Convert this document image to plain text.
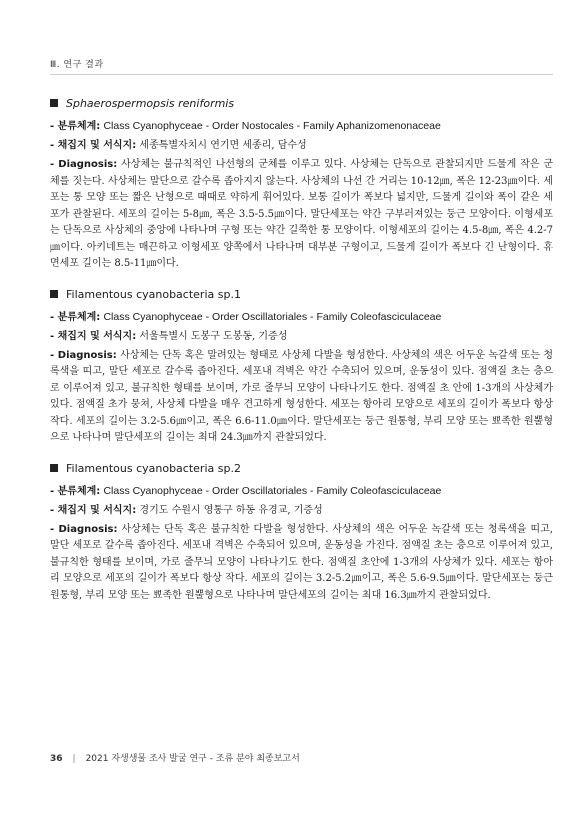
Ⅲ. 연구 결과
Sphaerospermopsis reniformis

- 분류체계: Class Cyanophyceae - Order Nostocales - Family Aphanizomenonaceae

- 채집지 및 서식지: 세종특별자치시 연기면 세종리, 담수성

- Diagnosis: 사상체는 불규칙적인 나선형의 군체를 이루고 있다. 사상체는 단독으로 관찰되지만 드물게 작은 군체를 짓는다. 사상체는 말단으로 갈수록 좁아지지 않는다. 사상체의 나선 간 거리는 10-12㎛, 폭은 12-23㎛이다. 세포는 통 모양 또는 짧은 난형으로 때때로 약하게 휘어있다. 보통 길이가 폭보다 넓지만, 드물게 길이와 폭이 같은 세포가 관찰된다. 세포의 길이는 5-8㎛, 폭은 3.5-5.5㎛이다. 말단세포는 약간 구부러져있는 둥근 모양이다. 이형세포는 단독으로 사상체의 중앙에 나타나며 구형 또는 약간 길쭉한 통 모양이다. 이형세포의 길이는 4.5-8㎛, 폭은 4.2-7㎛이다. 아키네트는 매끈하고 이형세포 양쪽에서 나타나며 대부분 구형이고, 드물게 길이가 폭보다 긴 난형이다. 휴면세포 길이는 8.5-11㎛이다.

Filamentous cyanobacteria sp.1

- 분류체계: Class Cyanophyceae - Order Oscillatoriales - Family Coleofasciculaceae

- 채집지 및 서식지: 서울특별시 도봉구 도봉동, 기증성

- Diagnosis: 사상체는 단독 혹은 말려있는 형태로 사상체 다발을 형성한다. 사상체의 색은 어두운 녹갈색 또는 청록색을 띠고, 말단 세포로 갈수록 좁아진다. 세포내 격벽은 약간 수축되어 있으며, 운동성이 있다. 점액질 초는 층으로 이루어져 있고, 불규칙한 형태를 보이며, 가로 줄무늬 모양이 나타나기도 한다. 점액질 초 안에 1-3개의 사상체가 있다. 점액질 초가 뭉쳐, 사상체 다발을 매우 견고하게 형성한다. 세포는 항아리 모양으로 세포의 길이가 폭보다 항상 작다. 세포의 길이는 3.2-5.6㎛이고, 폭은 6.6-11.0㎛이다. 말단세포는 둥근 원통형, 부리 모양 또는 뾰족한 원뿔형으로 나타나며 말단세포의 길이는 최대 24.3㎛까지 관찰되었다.

Filamentous cyanobacteria sp.2

- 분류체계: Class Cyanophyceae - Order Oscillatoriales - Family Coleofasciculaceae

- 채집지 및 서식지: 경기도 수원시 영통구 하동 유경교, 기증성

- Diagnosis: 사상체는 단독 혹은 불규칙한 다발을 형성한다. 사상체의 색은 어두운 녹갈색 또는 청록색을 띠고, 말단 세포로 갈수록 좁아진다. 세포내 격벽은 수축되어 있으며, 운동성을 가진다. 점액질 초는 층으로 이루어져 있고, 불규칙한 형태를 보이며, 가로 줄무늬 모양이 나타나기도 한다. 점액질 초안에 1-3개의 사상체가 있다. 세포는 항아리 모양으로 세포의 길이가 폭보다 항상 작다. 세포의 길이는 3.2-5.2㎛이고, 폭은 5.6-9.5㎛이다. 말단세포는 둥근 원통형, 부리 모양 또는 뾰족한 원뿔형으로 나타나며 말단세포의 길이는 최대 16.3㎛까지 관찰되었다.

36 | 2021 자생생물 조사 발굴 연구 - 조류 분야 최종보고서
